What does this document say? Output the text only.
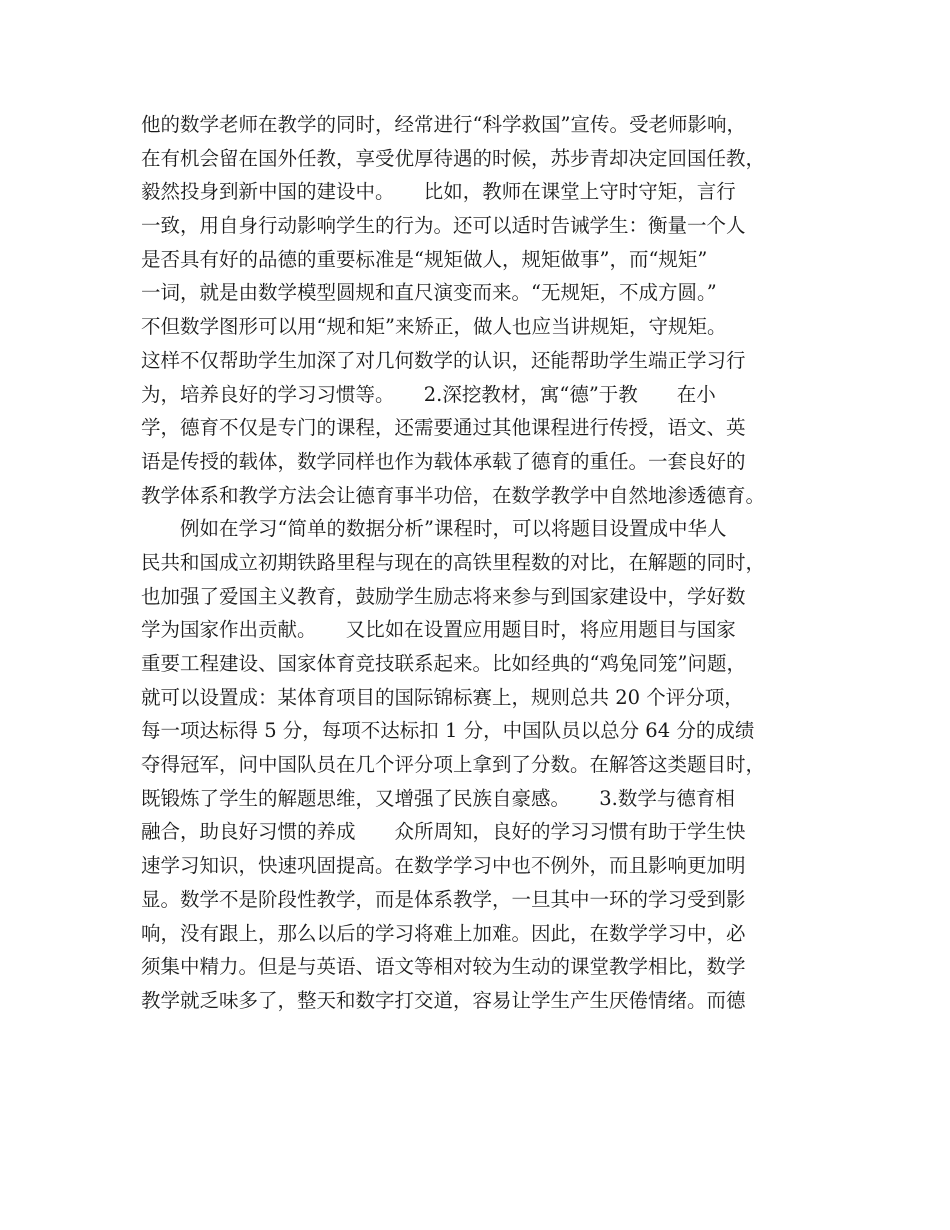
他的数学老师在教学的同时，经常进行“科学救国”宣传。受老师影响，
在有机会留在国外任教，享受优厚待遇的时候，苏步青却决定回国任教，
毅然投身到新中国的建设中。　　比如，教师在课堂上守时守矩，言行
一致，用自身行动影响学生的行为。还可以适时告诫学生：衡量一个人
是否具有好的品德的重要标准是“规矩做人，规矩做事”，而“规矩”
一词，就是由数学模型圆规和直尺演变而来。“无规矩，不成方圆。”
不但数学图形可以用“规和矩”来矫正，做人也应当讲规矩，守规矩。
这样不仅帮助学生加深了对几何数学的认识，还能帮助学生端正学习行
为，培养良好的学习习惯等。　　2.深挖教材，寓“德”于教　　在小
学，德育不仅是专门的课程，还需要通过其他课程进行传授，语文、英
语是传授的载体，数学同样也作为载体承载了德育的重任。一套良好的
教学体系和教学方法会让德育事半功倍，在数学教学中自然地渗透德育。
　　例如在学习“简单的数据分析”课程时，可以将题目设置成中华人
民共和国成立初期铁路里程与现在的高铁里程数的对比，在解题的同时，
也加强了爱国主义教育，鼓励学生励志将来参与到国家建设中，学好数
学为国家作出贡献。　　又比如在设置应用题目时，将应用题目与国家
重要工程建设、国家体育竞技联系起来。比如经典的“鸡兔同笼”问题，
就可以设置成：某体育项目的国际锦标赛上，规则总共 20 个评分项，
每一项达标得 5 分，每项不达标扣 1 分，中国队员以总分 64 分的成绩
夺得冠军，问中国队员在几个评分项上拿到了分数。在解答这类题目时，
既锻炼了学生的解题思维，又增强了民族自豪感。　　3.数学与德育相
融合，助良好习惯的养成　　众所周知，良好的学习习惯有助于学生快
速学习知识，快速巩固提高。在数学学习中也不例外，而且影响更加明
显。数学不是阶段性教学，而是体系教学，一旦其中一环的学习受到影
响，没有跟上，那么以后的学习将难上加难。因此，在数学学习中，必
须集中精力。但是与英语、语文等相对较为生动的课堂教学相比，数学
教学就乏味多了，整天和数字打交道，容易让学生产生厌倦情绪。而德
